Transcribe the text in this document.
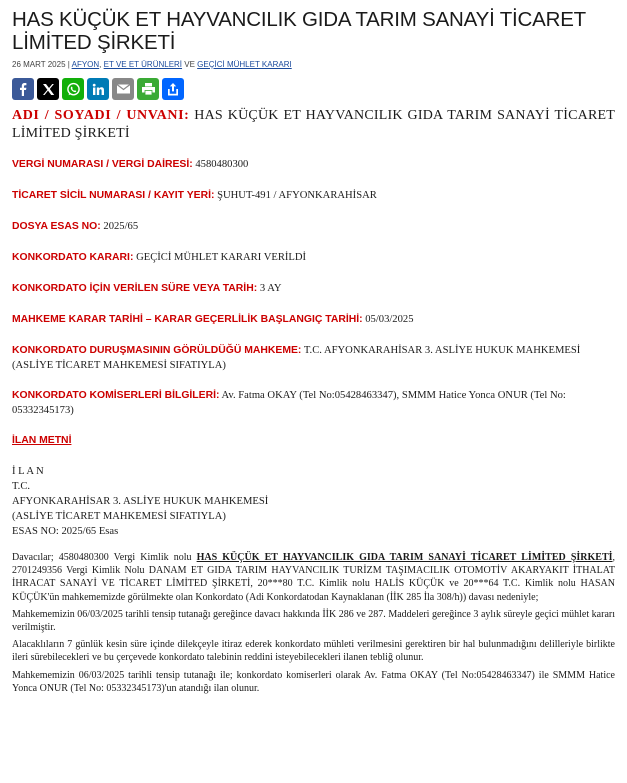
HAS KÜÇÜK ET HAYVANCILIK GIDA TARIM SANAYİ TİCARET
LİMİTED ŞİRKETİ
26 MART 2025 | AFYON, ET VE ET ÜRÜNLERİ VE GEÇİCİ MÜHLET KARARI
ADI / SOYADI / UNVANI: HAS KÜÇÜK ET HAYVANCILIK GIDA TARIM SANAYİ TİCARET LİMİTED ŞİRKETİ
VERGİ NUMARASI / VERGİ DAİRESİ: 4580480300
TİCARET SİCİL NUMARASI / KAYIT YERİ: ŞUHUT-491 / AFYONKARAHİSAR
DOSYA ESAS NO: 2025/65
KONKORDATO KARARI: GEÇİCİ MÜHLET KARARI VERİLDİ
KONKORDATO İÇİN VERİLEN SÜRE VEYA TARİH: 3 AY
MAHKEME KARAR TARİHİ – KARAR GEÇERLİLİK BAŞLANGIÇ TARİHİ: 05/03/2025
KONKORDATO DURUŞMASININ GÖRÜLDÜĞÜ MAHKEME: T.C. AFYONKARAHİSAR 3. ASLİYE HUKUK MAHKEMESİ
(ASLİYE TİCARET MAHKEMESİ SIFATIYLA)
KONKORDATO KOMİSERLERİ BİLGİLERİ: Av. Fatma OKAY (Tel No:05428463347), SMMM Hatice Yonca ONUR (Tel No:
05332345173)
İLAN METNİ
İ L A N
T.C.
AFYONKARAHİSAR 3. ASLİYE HUKUK MAHKEMESİ
(ASLİYE TİCARET MAHKEMESİ SIFATIYLA)
ESAS NO: 2025/65 Esas

Davacılar; 4580480300 Vergi Kimlik nolu HAS KÜÇÜK ET HAYVANCILIK GIDA TARIM SANAYİ TİCARET LİMİTED ŞİRKETİ, 2701249356 Vergi Kimlik Nolu DANAM ET GIDA TARIM HAYVANCILIK TURİZM TAŞIMACILIK OTOMOTİV AKARYAKIT İTHALAT İHRACAT SANAYİ VE TİCARET LİMİTED ŞİRKETİ, 20***80 T.C. Kimlik nolu HALİS KÜÇÜK ve 20***64 T.C. Kimlik nolu HASAN KÜÇÜK'ün mahkememizde görülmekte olan Konkordato (Adi Konkordatodan Kaynaklanan (İİK 285 İla 308/h)) davası nedeniyle;

Mahkememizin 06/03/2025 tarihli tensip tutanağı gereğince davacı hakkında İİK 286 ve 287. Maddeleri gereğince 3 aylık süreyle geçici mühlet kararı verilmiştir.

Alacaklıların 7 günlük kesin süre içinde dilekçeyle itiraz ederek konkordato mühleti verilmesini gerektiren bir hal bulunmadığını delilleriyle birlikte ileri sürebilecekleri ve bu çerçevede konkordato talebinin reddini isteyebilecekleri ilanen tebliğ olunur.

Mahkememizin 06/03/2025 tarihli tensip tutanağı ile; konkordato komiserleri olarak Av. Fatma OKAY (Tel No:05428463347) ile SMMM Hatice Yonca ONUR (Tel No: 05332345173)'un atandığı ilan olunur.
